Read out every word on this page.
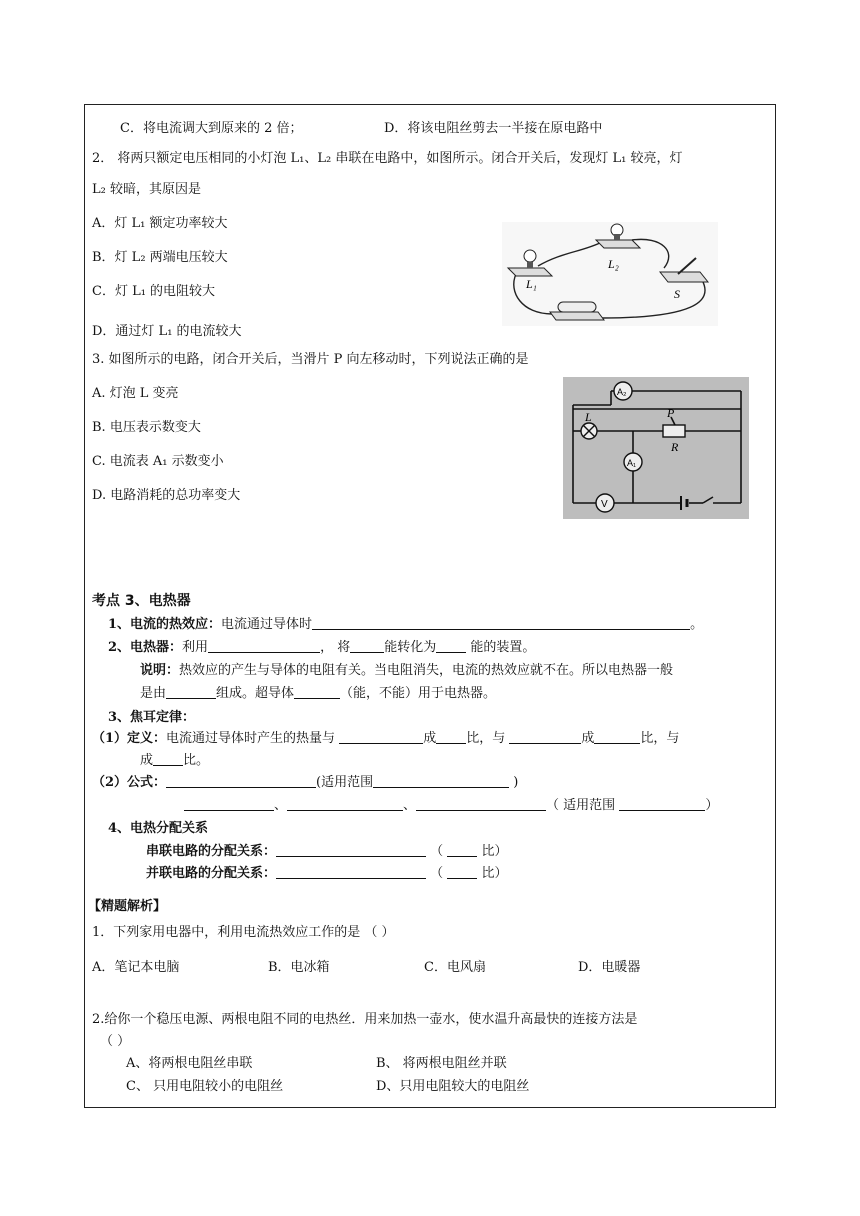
C．将电流调大到原来的 2 倍；	D．将该电阻丝剪去一半接在原电路中
2． 将两只额定电压相同的小灯泡 L₁、L₂ 串联在电路中，如图所示。闭合开关后，发现灯 L₁ 较亮，灯
L₂ 较暗，其原因是
A．灯 L₁ 额定功率较大
B．灯 L₂ 两端电压较大
C．灯 L₁ 的电阻较大
D．通过灯 L₁ 的电流较大
L₁
L₂
S
3. 如图所示的电路，闭合开关后，当滑片 P 向左移动时，下列说法正确的是
A. 灯泡 L 变亮
B. 电压表示数变大
C. 电流表 A₁ 示数变小
D. 电路消耗的总功率变大
A₂
L	P
R
A₁
V
考点 3、电热器
1、电流的热效应：电流通过导体时	。
2、电热器：利用	， 将	能转化为 能的装置。
说明：热效应的产生与导体的电阻有关。当电阻消失，电流的热效应就不在。所以电热器一般
是由	组成。超导体	（能，不能）用于电热器。
3、焦耳定律：
（1）定义：电流通过导体时产生的热量与	成 比，与	成	比，与
成 比。
（2）公式：	(适用范围	)
、	、	（ 适用范围	）
4、电热分配关系
串联电路的分配关系：	（	比）
并联电路的分配关系：	（	比）
【精题解析】
1．下列家用电器中，利用电流热效应工作的是 （ ）
A．笔记本电脑	B．电冰箱	C．电风扇	D．电暖器
2.给你一个稳压电源、两根电阻不同的电热丝．用来加热一壶水，使水温升高最快的连接方法是
（ ）
A、将两根电阻丝串联	B、 将两根电阻丝并联
C、 只用电阻较小的电阻丝	D、只用电阻较大的电阻丝
